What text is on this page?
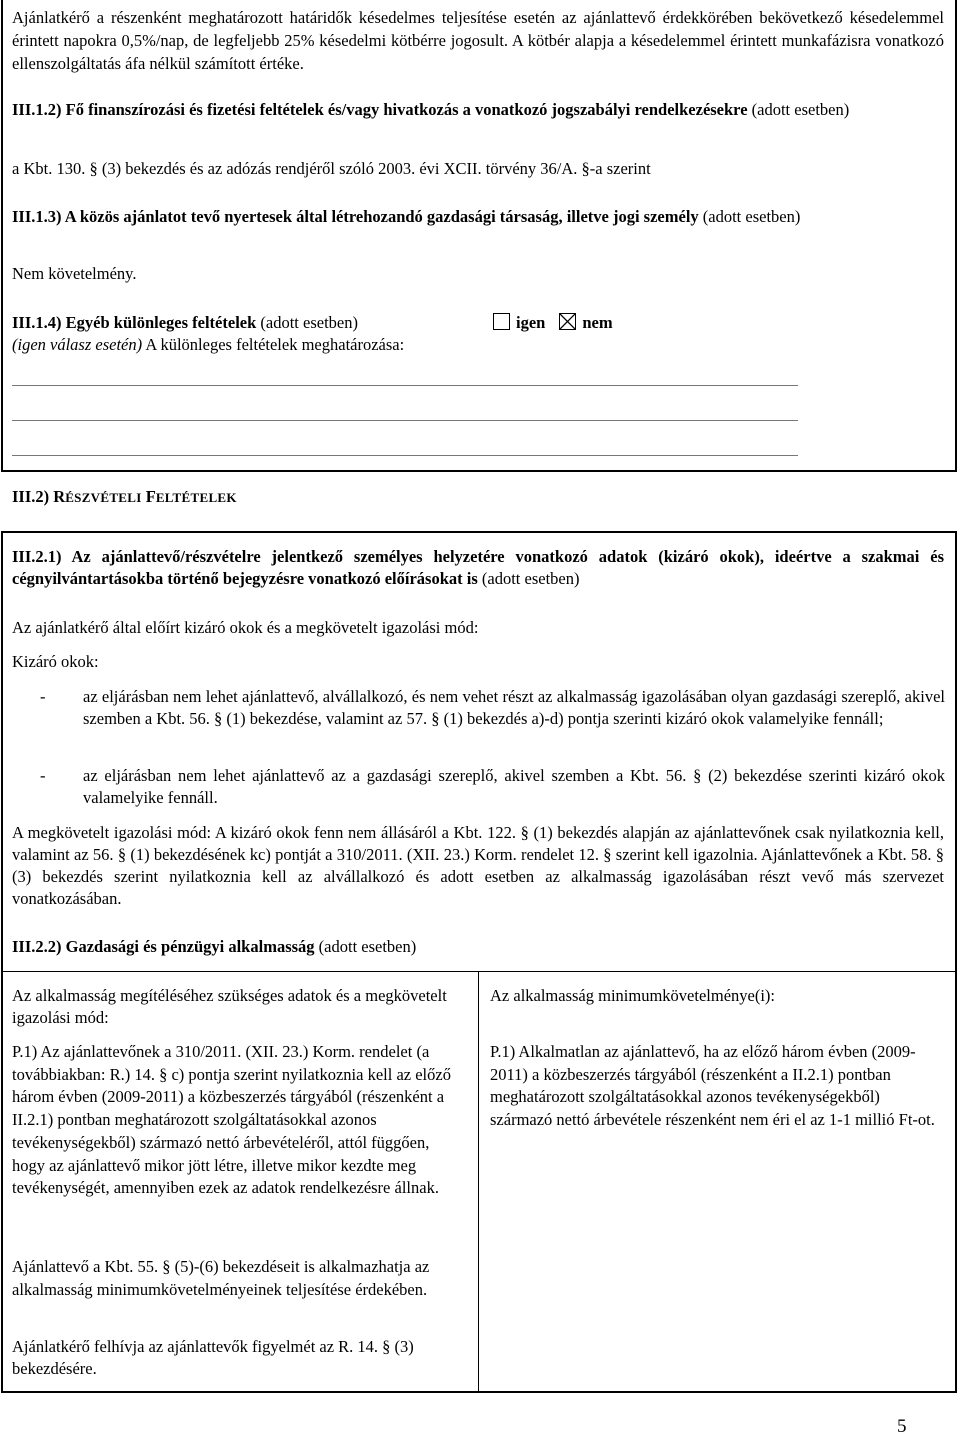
Ajánlatkérő a részenként meghatározott határidők késedelmes teljesítése esetén az ajánlattevő érdekkörében bekövetkező késedelemmel érintett napokra 0,5%/nap, de legfeljebb 25% késedelmi kötbérre jogosult. A kötbér alapja a késedelemmel érintett munkafázisra vonatkozó ellenszolgáltatás áfa nélkül számított értéke.

III.1.2) Fő finanszírozási és fizetési feltételek és/vagy hivatkozás a vonatkozó jogszabályi rendelkezésekre (adott esetben)

a Kbt. 130. § (3) bekezdés és az adózás rendjéről szóló 2003. évi XCII. törvény 36/A. §-a szerint

III.1.3) A közös ajánlatot tevő nyertesek által létrehozandó gazdasági társaság, illetve jogi személy (adott esetben)

Nem követelmény.

III.1.4) Egyéb különleges feltételek (adott esetben)	igen nem

(igen válasz esetén) A különleges feltételek meghatározása:

III.2) RÉSZVÉTELI FELTÉTELEK

III.2.1) Az ajánlattevő/részvételre jelentkező személyes helyzetére vonatkozó adatok (kizáró okok), ideértve a szakmai és cégnyilvántartásokba történő bejegyzésre vonatkozó előírásokat is (adott esetben)

Az ajánlatkérő által előírt kizáró okok és a megkövetelt igazolási mód:

Kizáró okok:

- az eljárásban nem lehet ajánlattevő, alvállalkozó, és nem vehet részt az alkalmasság igazolásában olyan gazdasági szereplő, akivel szemben a Kbt. 56. § (1) bekezdése, valamint az 57. § (1) bekezdés a)-d) pontja szerinti kizáró okok valamelyike fennáll;

- az eljárásban nem lehet ajánlattevő az a gazdasági szereplő, akivel szemben a Kbt. 56. § (2) bekezdése szerinti kizáró okok valamelyike fennáll.

A megkövetelt igazolási mód: A kizáró okok fenn nem állásáról a Kbt. 122. § (1) bekezdés alapján az ajánlattevőnek csak nyilatkoznia kell, valamint az 56. § (1) bekezdésének kc) pontját a 310/2011. (XII. 23.) Korm. rendelet 12. § szerint kell igazolnia. Ajánlattevőnek a Kbt. 58. § (3) bekezdés szerint nyilatkoznia kell az alvállalkozó és adott esetben az alkalmasság igazolásában részt vevő más szervezet vonatkozásában.

III.2.2) Gazdasági és pénzügyi alkalmasság (adott esetben)

Az alkalmasság megítéléséhez szükséges adatok és a megkövetelt igazolási mód:

P.1) Az ajánlattevőnek a 310/2011. (XII. 23.) Korm. rendelet (a továbbiakban: R.) 14. § c) pontja szerint nyilatkoznia kell az előző három évben (2009-2011) a közbeszerzés tárgyából (részenként a II.2.1) pontban meghatározott szolgáltatásokkal azonos tevékenységekből) származó nettó árbevételéről, attól függően, hogy az ajánlattevő mikor jött létre, illetve mikor kezdte meg tevékenységét, amennyiben ezek az adatok rendelkezésre állnak.

Ajánlattevő a Kbt. 55. § (5)-(6) bekezdéseit is alkalmazhatja az alkalmasság minimumkövetelményeinek teljesítése érdekében.

Ajánlatkérő felhívja az ajánlattevők figyelmét az R. 14. § (3) bekezdésére.

Az alkalmasság minimumkövetelménye(i):

P.1) Alkalmatlan az ajánlattevő, ha az előző három évben (2009-2011) a közbeszerzés tárgyából (részenként a II.2.1) pontban meghatározott szolgáltatásokkal azonos tevékenységekből) származó nettó árbevétele részenként nem éri el az 1-1 millió Ft-ot.

5
